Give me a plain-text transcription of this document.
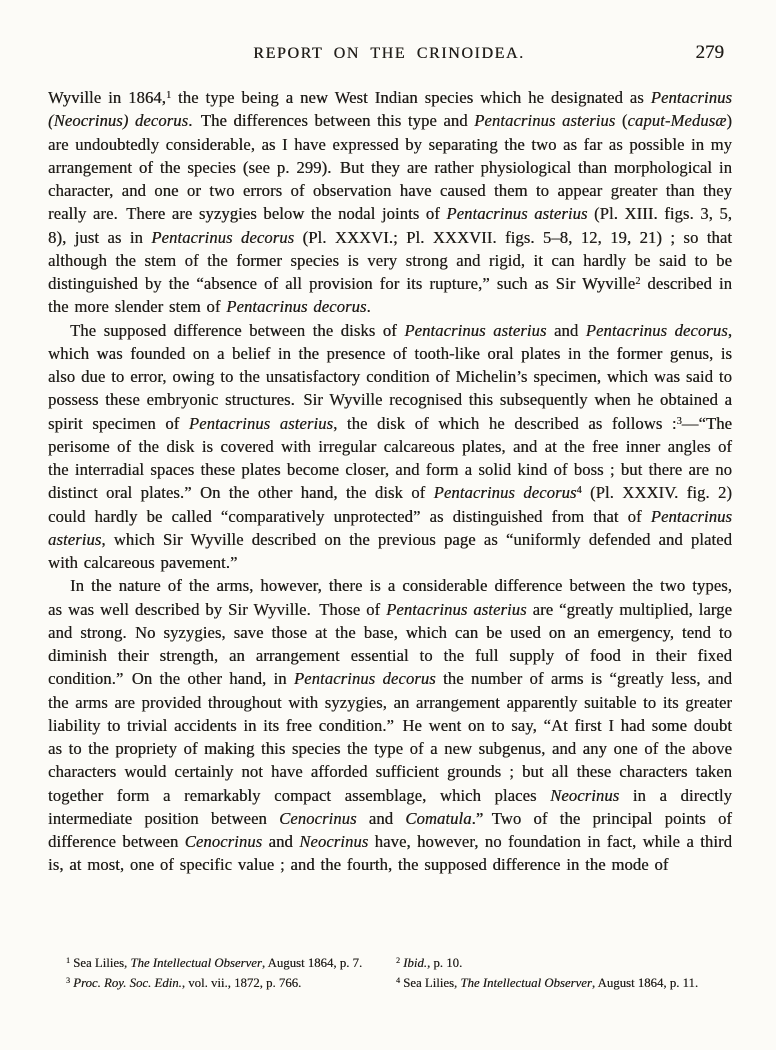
REPORT ON THE CRINOIDEA.	279

Wyville in 1864,$^1$ the type being a new West Indian species which he designated as Pentacrinus (Neocrinus) decorus. The differences between this type and Pentacrinus asterius (caput-Medusæ) are undoubtedly considerable, as I have expressed by separating the two as far as possible in my arrangement of the species (see p. 299). But they are rather physiological than morphological in character, and one or two errors of observation have caused them to appear greater than they really are. There are syzygies below the nodal joints of Pentacrinus asterius (Pl. XIII. figs. 3, 5, 8), just as in Pentacrinus decorus (Pl. XXXVI.; Pl. XXXVII. figs. 5–8, 12, 19, 21) ; so that although the stem of the former species is very strong and rigid, it can hardly be said to be distinguished by the “absence of all provision for its rupture,” such as Sir Wyville$^2$ described in the more slender stem of Pentacrinus decorus.

The supposed difference between the disks of Pentacrinus asterius and Pentacrinus decorus, which was founded on a belief in the presence of tooth-like oral plates in the former genus, is also due to error, owing to the unsatisfactory condition of Michelin’s specimen, which was said to possess these embryonic structures. Sir Wyville recognised this subsequently when he obtained a spirit specimen of Pentacrinus asterius, the disk of which he described as follows :$^3$—“The perisome of the disk is covered with irregular calcareous plates, and at the free inner angles of the interradial spaces these plates become closer, and form a solid kind of boss ; but there are no distinct oral plates.” On the other hand, the disk of Pentacrinus decorus$^4$ (Pl. XXXIV. fig. 2) could hardly be called “comparatively unprotected” as distinguished from that of Pentacrinus asterius, which Sir Wyville described on the previous page as “uniformly defended and plated with calcareous pavement.”

In the nature of the arms, however, there is a considerable difference between the two types, as was well described by Sir Wyville. Those of Pentacrinus asterius are “greatly multiplied, large and strong. No syzygies, save those at the base, which can be used on an emergency, tend to diminish their strength, an arrangement essential to the full supply of food in their fixed condition.” On the other hand, in Pentacrinus decorus the number of arms is “greatly less, and the arms are provided throughout with syzygies, an arrangement apparently suitable to its greater liability to trivial accidents in its free condition.” He went on to say, “At first I had some doubt as to the propriety of making this species the type of a new subgenus, and any one of the above characters would certainly not have afforded sufficient grounds ; but all these characters taken together form a remarkably compact assemblage, which places Neocrinus in a directly intermediate position between Cenocrinus and Comatula.” Two of the principal points of difference between Cenocrinus and Neocrinus have, however, no foundation in fact, while a third is, at most, one of specific value ; and the fourth, the supposed difference in the mode of

$^1$ Sea Lilies, The Intellectual Observer, August 1864, p. 7.	$^2$ Ibid., p. 10.
$^3$ Proc. Roy. Soc. Edin., vol. vii., 1872, p. 766.	$^4$ Sea Lilies, The Intellectual Observer, August 1864, p. 11.
